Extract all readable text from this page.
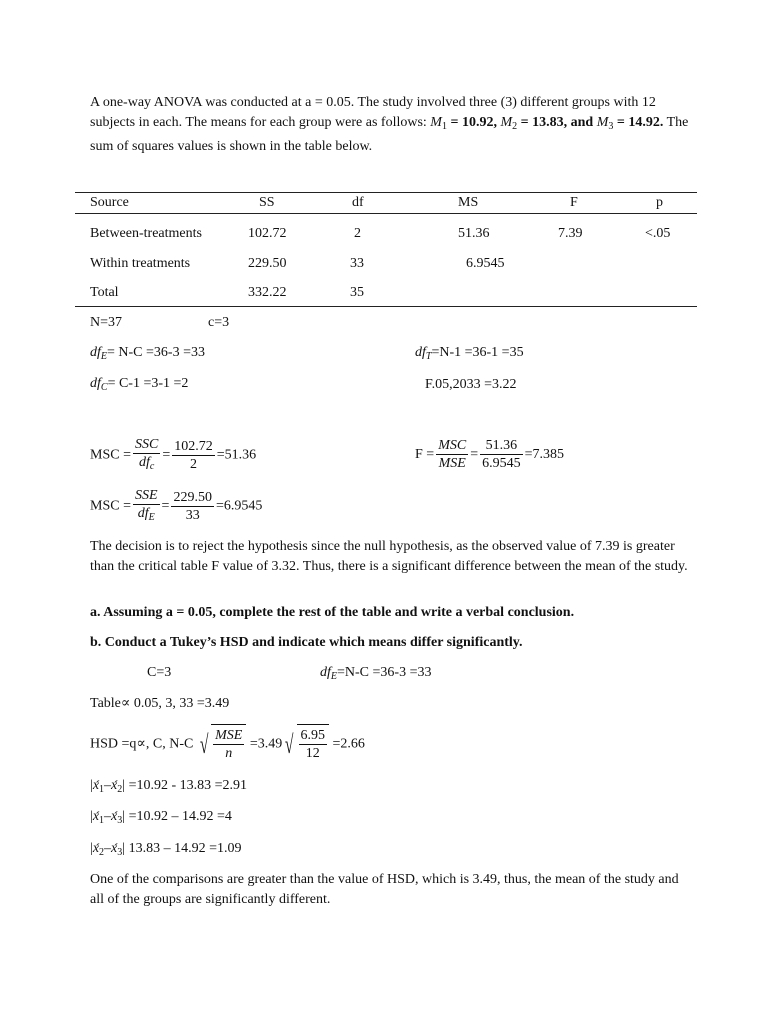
A one-way ANOVA was conducted at a = 0.05. The study involved three (3) different groups with 12 subjects in each. The means for each group were as follows: $M_1 = 10.92$, $M_2 = 13.83$, and $M_3 = 14.92$. The sum of squares values is shown in the table below.
Source	SS	df	MS	F	p
Between-treatments	102.72	2	51.36	7.39	<.05
Within treatments	229.50	33	6.9545
Total	332.22	35
N=37	c=3
$df_E= N-C =36-3 =33$	$df_T=N-1 =36-1 =35$
$df_C= C-1 =3-1 =2$	F.05,2033 =3.22
MSC = $\frac{\text{SSC}}{df_c} = \frac{102.72}{2} =51.36$	$F = \frac{\text{MSC}}{\text{MSE}} = \frac{51.36}{6.9545} =7.385$
MSC = $\frac{\text{SSE}}{df_E} = \frac{229.50}{33} =6.9545$
The decision is to reject the hypothesis since the null hypothesis, as the observed value of 7.39 is greater than the critical table F value of 3.32. Thus, there is a significant difference between the mean of the study.
a. Assuming a = 0.05, complete the rest of the table and write a verbal conclusion.
b. Conduct a Tukey’s HSD and indicate which means differ significantly.
C=3	$df_E=N-C =36-3 =33$
Table∝ 0.05, 3, 33 =3.49
HSD =q∝, C, N-C √ $\frac{\text{MSE}}{n} =3.49$ √ $\frac{6.95}{12} =2.66$
$|x́_1-x́_2| =10.92 - 13.83 =2.91$
$|x́_1-x́_3| =10.92 - 14.92 =4$
$|x́_2-x́_3|$ 13.83 – 14.92 =1.09
One of the comparisons are greater than the value of HSD, which is 3.49, thus, the mean of the study and all of the groups are significantly different.
